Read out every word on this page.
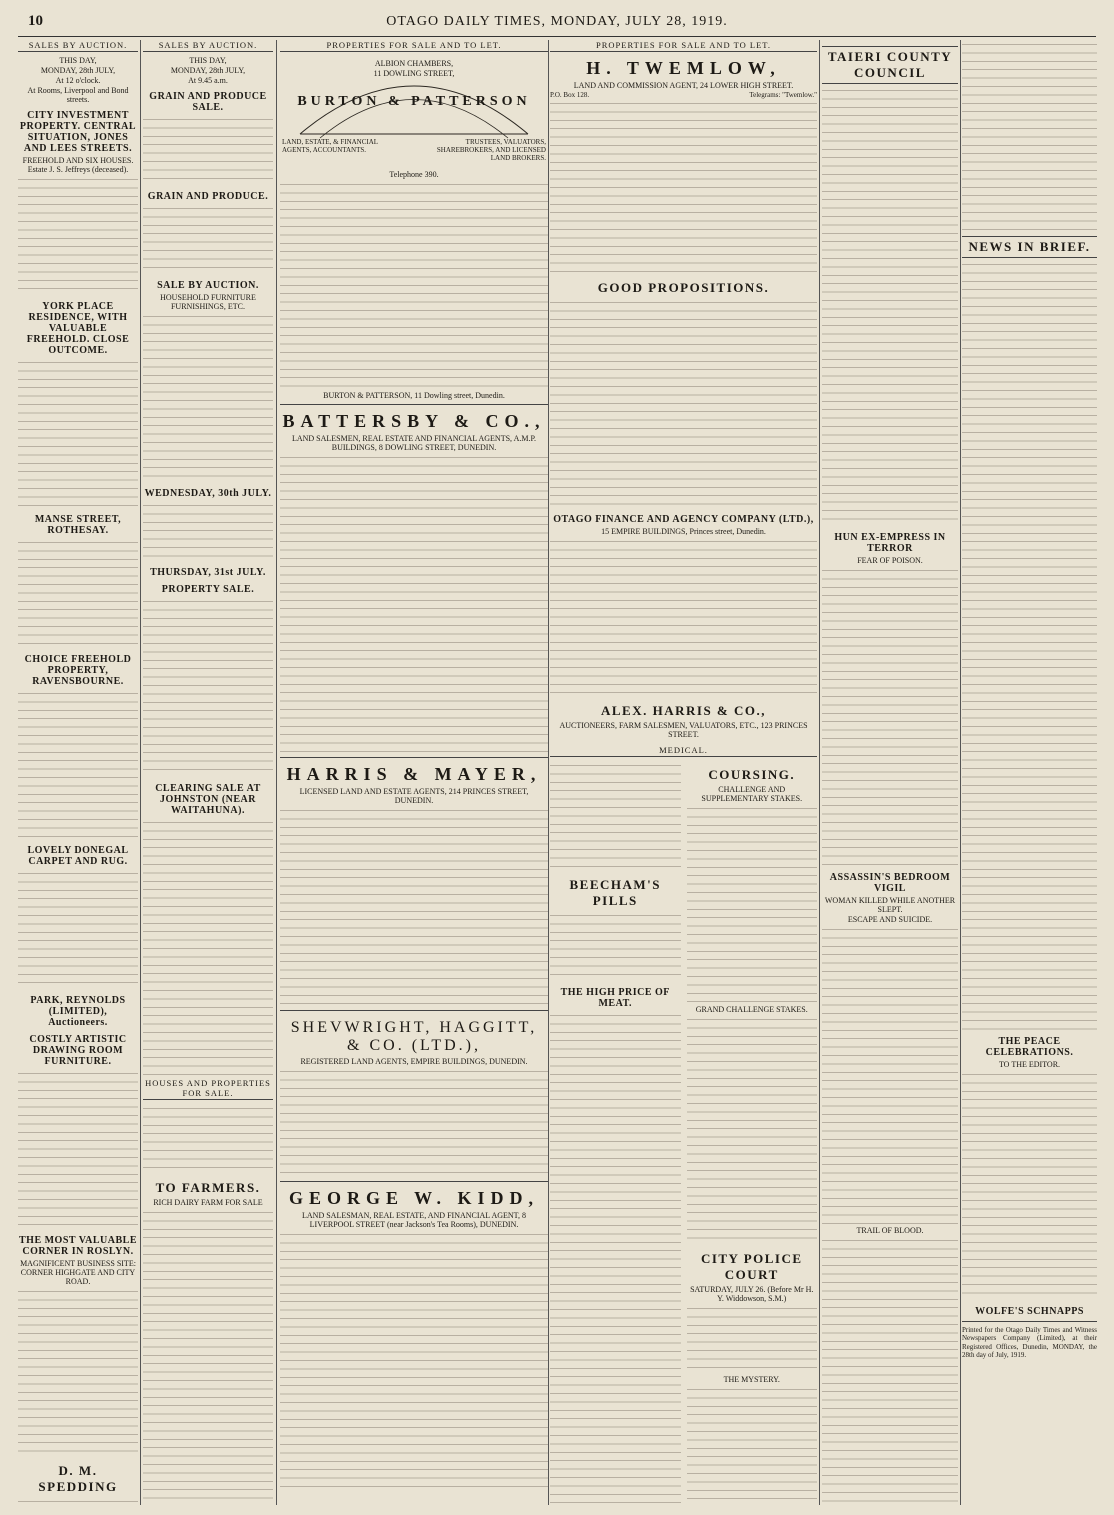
10	OTAGO DAILY TIMES, MONDAY, JULY 28, 1919.
SALES BY AUCTION.
THIS DAY,
MONDAY, 28th JULY,
At 12 o'clock.
At Rooms, Liverpool and Bond streets.
CITY INVESTMENT PROPERTY. CENTRAL SITUATION, JONES AND LEES STREETS.
FREEHOLD AND SIX HOUSES. Estate J. S. Jeffreys (deceased).
YORK PLACE RESIDENCE, WITH VALUABLE FREEHOLD. CLOSE OUTCOME.
MANSE STREET, ROTHESAY.
CHOICE FREEHOLD PROPERTY, RAVENSBOURNE.
LOVELY DONEGAL CARPET AND RUG.
PARK, REYNOLDS (LIMITED), Auctioneers.
COSTLY ARTISTIC DRAWING ROOM FURNITURE.
THE MOST VALUABLE CORNER IN ROSLYN.
MAGNIFICENT BUSINESS SITE: CORNER HIGHGATE AND CITY ROAD.
D. M. SPEDDING
SALES BY AUCTION.
THIS DAY,
MONDAY, 28th JULY,
At 9.45 a.m.
GRAIN AND PRODUCE SALE.
GRAIN AND PRODUCE.
SALE BY AUCTION.
HOUSEHOLD FURNITURE FURNISHINGS, ETC.
WEDNESDAY, 30th JULY.
THURSDAY, 31st JULY.
PROPERTY SALE.
CLEARING SALE AT JOHNSTON (NEAR WAITAHUNA).
HOUSES AND PROPERTIES FOR SALE.
TO FARMERS.
RICH DAIRY FARM FOR SALE
PROPERTIES FOR SALE AND TO LET.
ALBION CHAMBERS,
11 DOWLING STREET,
BURTON & PATTERSON
LAND, ESTATE, & FINANCIAL AGENTS, ACCOUNTANTS.
TRUSTEES, VALUATORS, SHAREBROKERS, AND LICENSED LAND BROKERS.
Telephone 390.
BURTON & PATTERSON, 11 Dowling street, Dunedin.
BATTERSBY & CO.,
LAND SALESMEN, REAL ESTATE AND FINANCIAL AGENTS, A.M.P. BUILDINGS, 8 DOWLING STREET, DUNEDIN.
HARRIS & MAYER,
LICENSED LAND AND ESTATE AGENTS, 214 PRINCES STREET, DUNEDIN.
SHEVWRIGHT, HAGGITT, & CO. (LTD.),
REGISTERED LAND AGENTS, EMPIRE BUILDINGS, DUNEDIN.
GEORGE W. KIDD,
LAND SALESMAN, REAL ESTATE, AND FINANCIAL AGENT, 8 LIVERPOOL STREET (near Jackson's Tea Rooms), DUNEDIN.
PROPERTIES FOR SALE AND TO LET.
H. TWEMLOW,
LAND AND COMMISSION AGENT, 24 LOWER HIGH STREET.
P.O. Box 128.	Telegrams: "Twemlow."
GOOD PROPOSITIONS.
OTAGO FINANCE AND AGENCY COMPANY (LTD.),
15 EMPIRE BUILDINGS, Princes street, Dunedin.
ALEX. HARRIS & CO.,
AUCTIONEERS, FARM SALESMEN, VALUATORS, ETC., 123 PRINCES STREET.
MEDICAL.
BEECHAM'S PILLS
THE HIGH PRICE OF MEAT.
COURSING.
CHALLENGE AND SUPPLEMENTARY STAKES.
GRAND CHALLENGE STAKES.
CITY POLICE COURT
SATURDAY, JULY 26. (Before Mr H. Y. Widdowson, S.M.)
THE MYSTERY.
TAIERI COUNTY COUNCIL
HUN EX-EMPRESS IN TERROR
FEAR OF POISON.
ASSASSIN'S BEDROOM VIGIL
WOMAN KILLED WHILE ANOTHER SLEPT.
ESCAPE AND SUICIDE.
TRAIL OF BLOOD.
NEWS IN BRIEF.
THE PEACE CELEBRATIONS.
TO THE EDITOR.
WOLFE'S SCHNAPPS
Printed for the Otago Daily Times and Witness Newspapers Company (Limited), at their Registered Offices, Dunedin, MONDAY, the 28th day of July, 1919.
